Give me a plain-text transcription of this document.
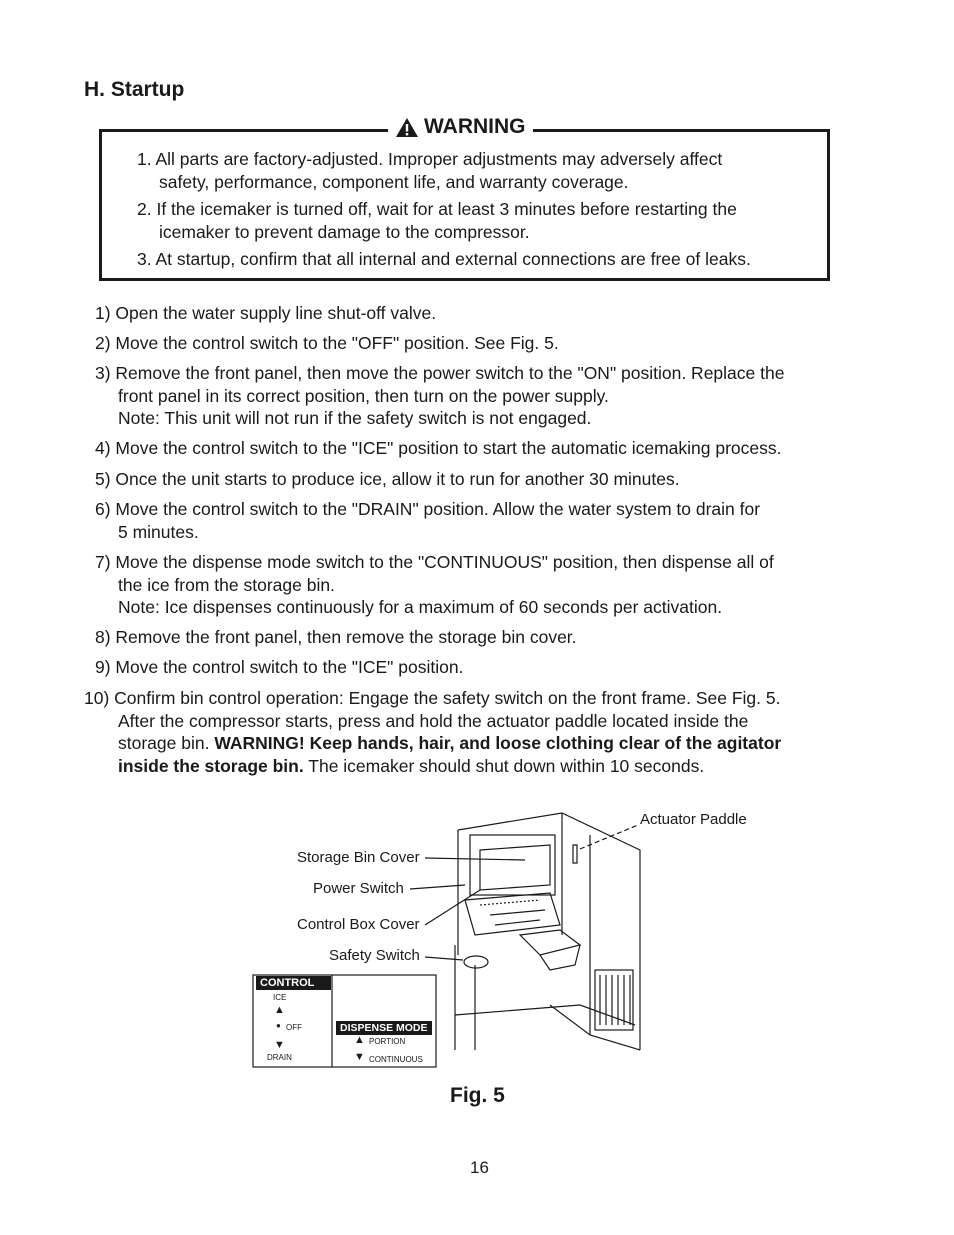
H. Startup
WARNING
1. All parts are factory-adjusted. Improper adjustments may adversely affect
safety, performance, component life, and warranty coverage.
2. If the icemaker is turned off, wait for at least 3 minutes before restarting the
icemaker to prevent damage to the compressor.
3. At startup, confirm that all internal and external connections are free of leaks.
1) Open the water supply line shut-off valve.
2) Move the control switch to the "OFF" position. See Fig. 5.
3) Remove the front panel, then move the power switch to the "ON" position. Replace the
front panel in its correct position, then turn on the power supply.
Note: This unit will not run if the safety switch is not engaged.
4) Move the control switch to the "ICE" position to start the automatic icemaking process.
5) Once the unit starts to produce ice, allow it to run for another 30 minutes.
6) Move the control switch to the "DRAIN" position. Allow the water system to drain for
5 minutes.
7) Move the dispense mode switch to the "CONTINUOUS" position, then dispense all of
the ice from the storage bin.
Note: Ice dispenses continuously for a maximum of 60 seconds per activation.
8) Remove the front panel, then remove the storage bin cover.
9) Move the control switch to the "ICE" position.
10) Confirm bin control operation: Engage the safety switch on the front frame. See Fig. 5.
After the compressor starts, press and hold the actuator paddle located inside the
storage bin. WARNING! Keep hands, hair, and loose clothing clear of the agitator
inside the storage bin. The icemaker should shut down within 10 seconds.
Storage Bin Cover
Power Switch
Control Box Cover
Safety Switch
Actuator Paddle
CONTROL
ICE
▲
● OFF
▼
DRAIN
DISPENSE MODE
▲ PORTION
▼ CONTINUOUS
Fig. 5
16
